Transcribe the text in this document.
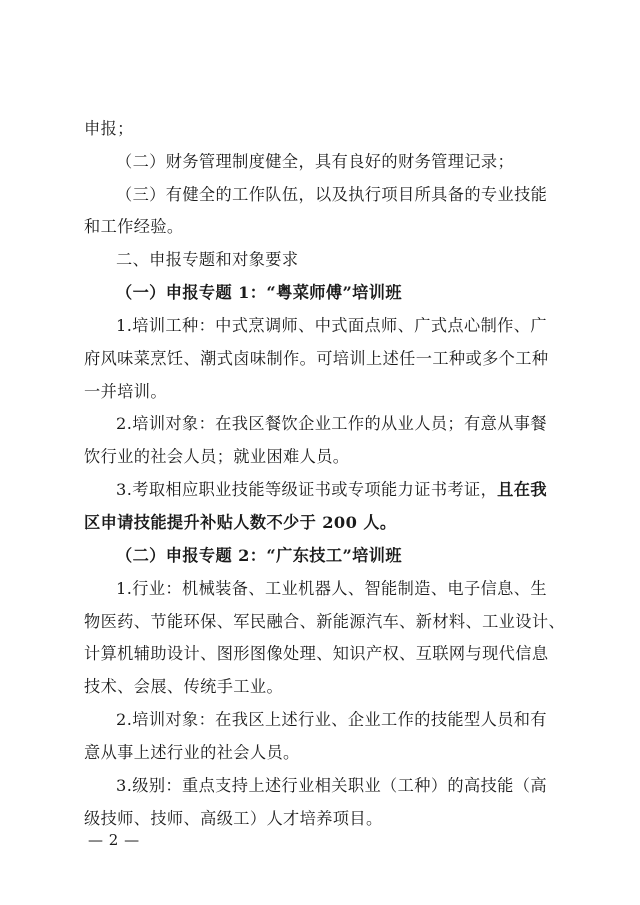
申报；
（二）财务管理制度健全，具有良好的财务管理记录；
（三）有健全的工作队伍，以及执行项目所具备的专业技能
和工作经验。
二、申报专题和对象要求
（一）申报专题 1：“粤菜师傅”培训班
1.培训工种：中式烹调师、中式面点师、广式点心制作、广
府风味菜烹饪、潮式卤味制作。可培训上述任一工种或多个工种
一并培训。
2.培训对象：在我区餐饮企业工作的从业人员；有意从事餐
饮行业的社会人员；就业困难人员。
3.考取相应职业技能等级证书或专项能力证书考证，且在我
区申请技能提升补贴人数不少于 200 人。
（二）申报专题 2：“广东技工”培训班
1.行业：机械装备、工业机器人、智能制造、电子信息、生
物医药、节能环保、军民融合、新能源汽车、新材料、工业设计、
计算机辅助设计、图形图像处理、知识产权、互联网与现代信息
技术、会展、传统手工业。
2.培训对象：在我区上述行业、企业工作的技能型人员和有
意从事上述行业的社会人员。
3.级别：重点支持上述行业相关职业（工种）的高技能（高
级技师、技师、高级工）人才培养项目。
— 2 —
